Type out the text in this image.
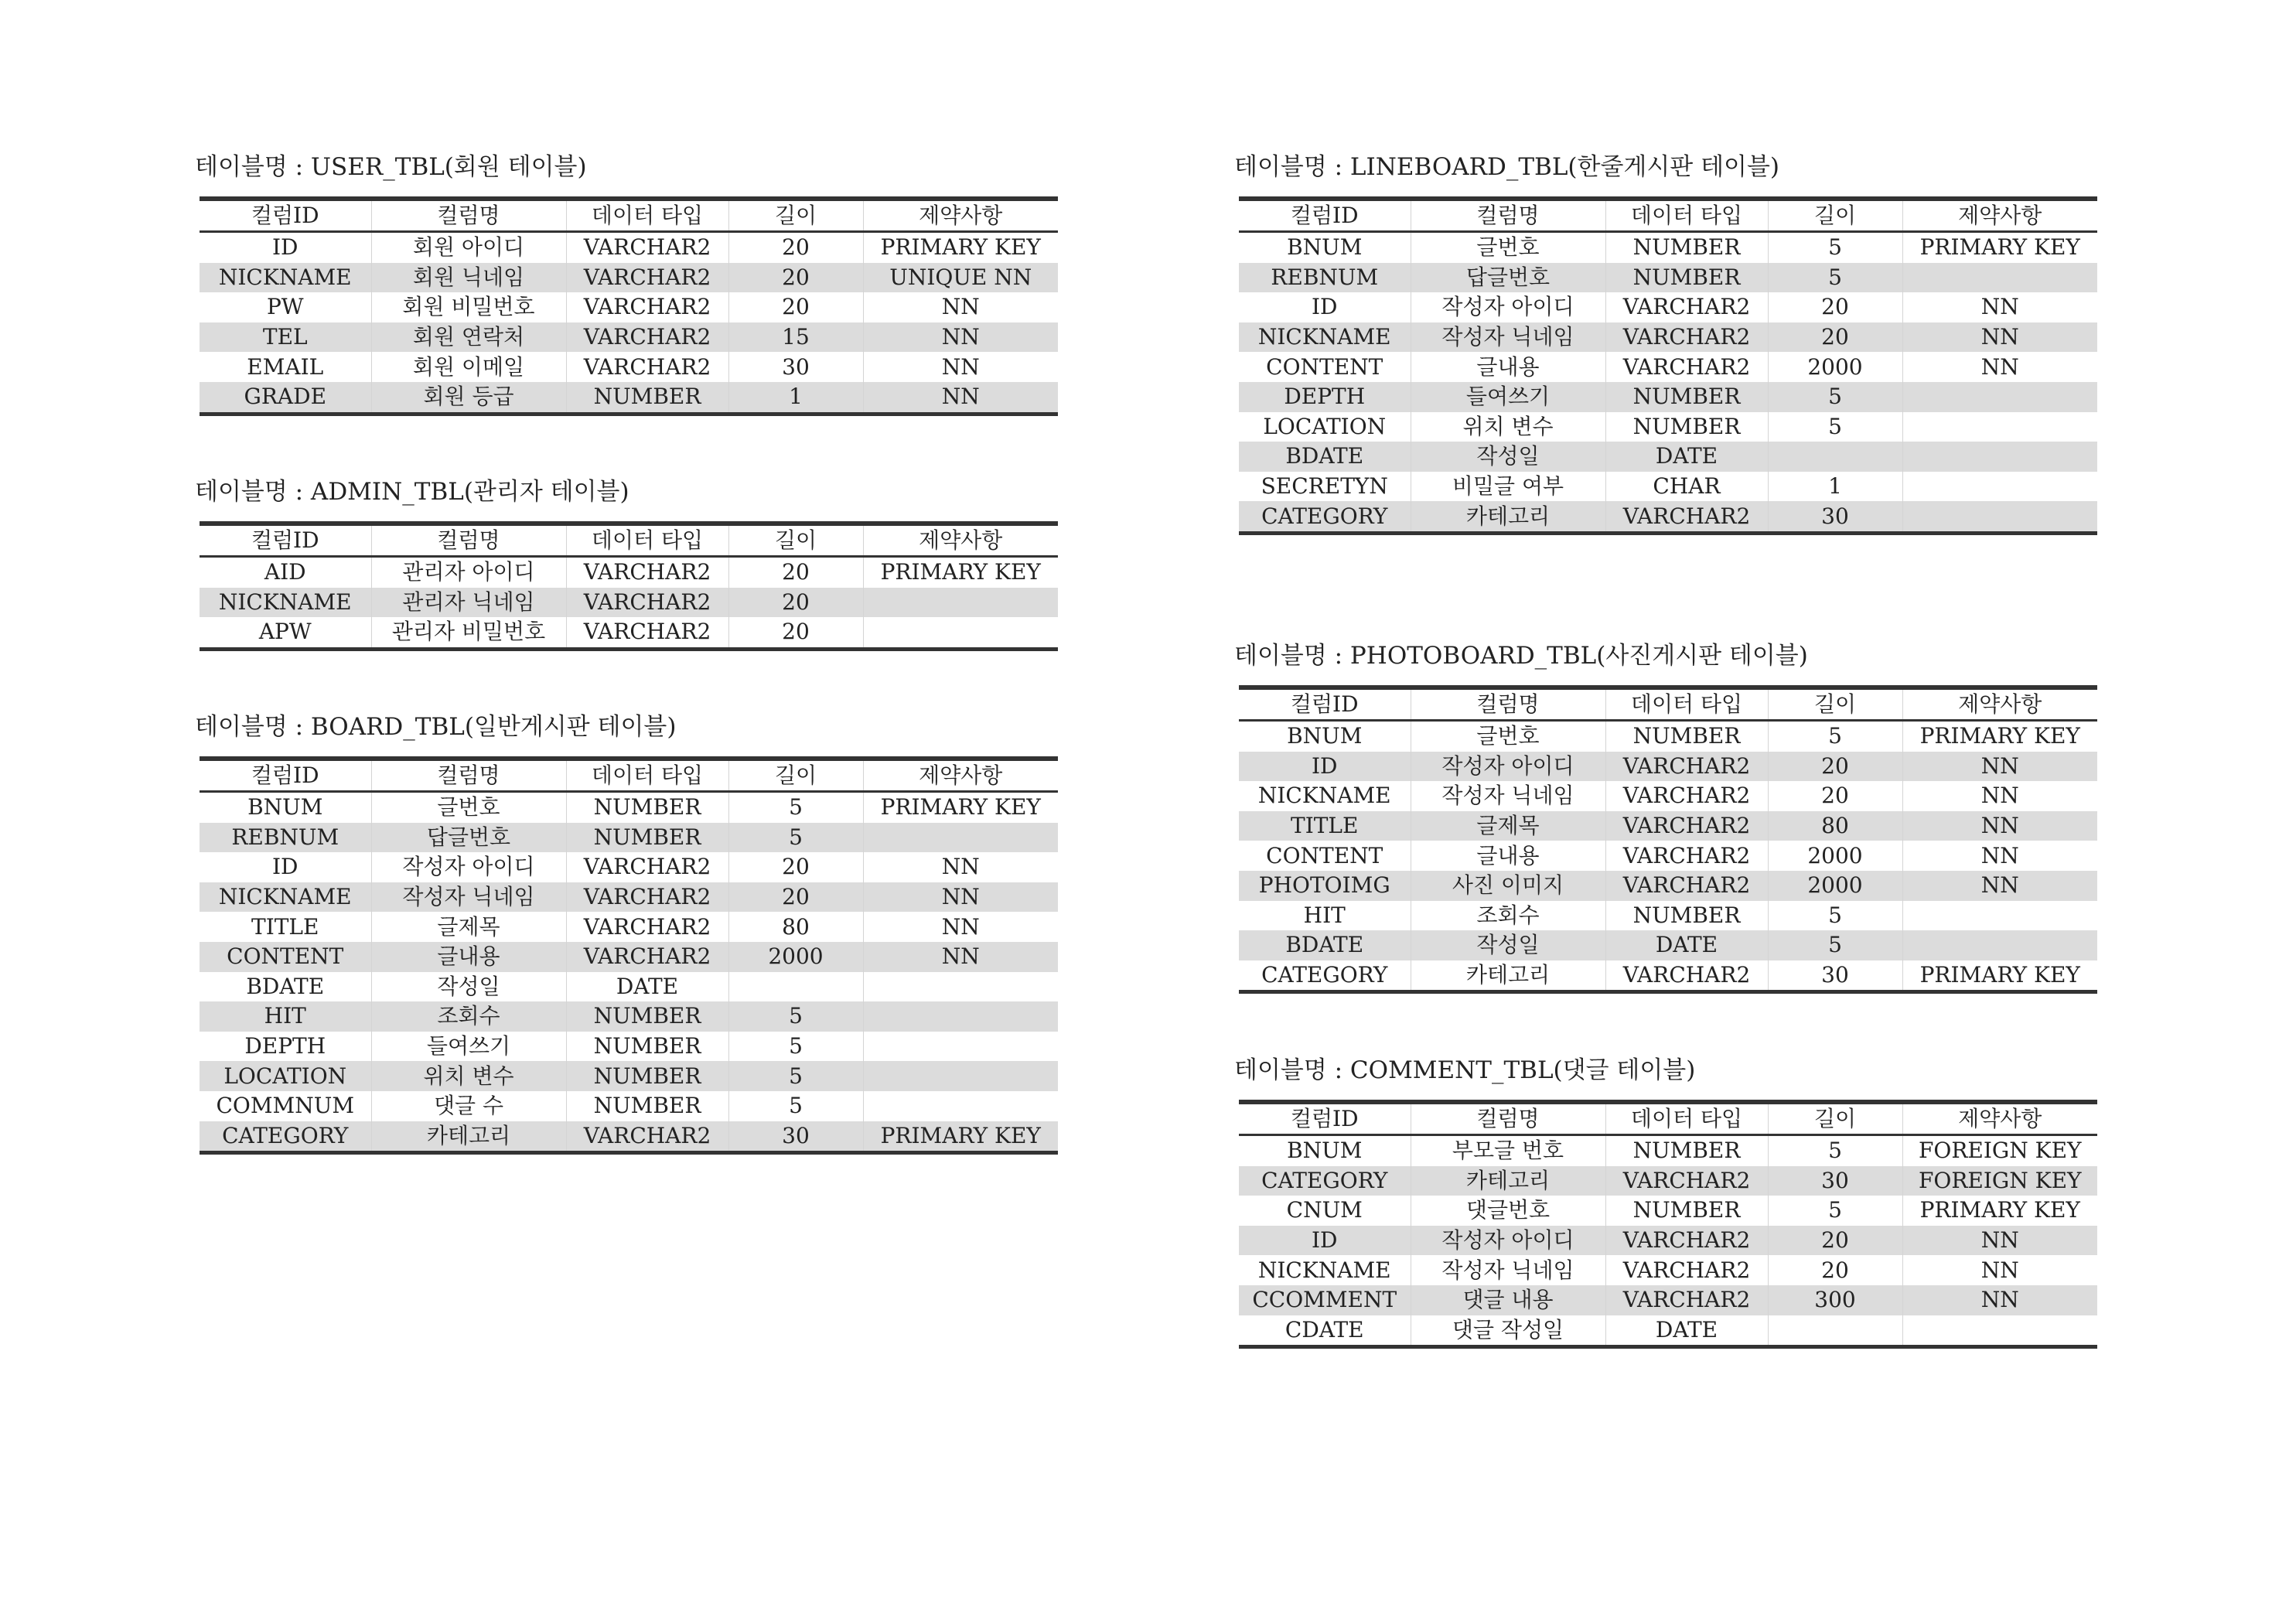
테이블명 : USER_TBL(회원 테이블)
컬럼ID	컬럼명	데이터 타입	길이	제약사항
ID	회원 아이디	VARCHAR2	20	PRIMARY KEY
NICKNAME	회원 닉네임	VARCHAR2	20	UNIQUE NN
PW	회원 비밀번호	VARCHAR2	20	NN
TEL	회원 연락처	VARCHAR2	15	NN
EMAIL	회원 이메일	VARCHAR2	30	NN
GRADE	회원 등급	NUMBER	1	NN
테이블명 : ADMIN_TBL(관리자 테이블)
컬럼ID	컬럼명	데이터 타입	길이	제약사항
AID	관리자 아이디	VARCHAR2	20	PRIMARY KEY
NICKNAME	관리자 닉네임	VARCHAR2	20	
APW	관리자 비밀번호	VARCHAR2	20	
테이블명 : BOARD_TBL(일반게시판 테이블)
컬럼ID	컬럼명	데이터 타입	길이	제약사항
BNUM	글번호	NUMBER	5	PRIMARY KEY
REBNUM	답글번호	NUMBER	5	
ID	작성자 아이디	VARCHAR2	20	NN
NICKNAME	작성자 닉네임	VARCHAR2	20	NN
TITLE	글제목	VARCHAR2	80	NN
CONTENT	글내용	VARCHAR2	2000	NN
BDATE	작성일	DATE		
HIT	조회수	NUMBER	5	
DEPTH	들여쓰기	NUMBER	5	
LOCATION	위치 변수	NUMBER	5	
COMMNUM	댓글 수	NUMBER	5	
CATEGORY	카테고리	VARCHAR2	30	PRIMARY KEY
테이블명 : LINEBOARD_TBL(한줄게시판 테이블)
컬럼ID	컬럼명	데이터 타입	길이	제약사항
BNUM	글번호	NUMBER	5	PRIMARY KEY
REBNUM	답글번호	NUMBER	5	
ID	작성자 아이디	VARCHAR2	20	NN
NICKNAME	작성자 닉네임	VARCHAR2	20	NN
CONTENT	글내용	VARCHAR2	2000	NN
DEPTH	들여쓰기	NUMBER	5	
LOCATION	위치 변수	NUMBER	5	
BDATE	작성일	DATE		
SECRETYN	비밀글 여부	CHAR	1	
CATEGORY	카테고리	VARCHAR2	30	
테이블명 : PHOTOBOARD_TBL(사진게시판 테이블)
컬럼ID	컬럼명	데이터 타입	길이	제약사항
BNUM	글번호	NUMBER	5	PRIMARY KEY
ID	작성자 아이디	VARCHAR2	20	NN
NICKNAME	작성자 닉네임	VARCHAR2	20	NN
TITLE	글제목	VARCHAR2	80	NN
CONTENT	글내용	VARCHAR2	2000	NN
PHOTOIMG	사진 이미지	VARCHAR2	2000	NN
HIT	조회수	NUMBER	5	
BDATE	작성일	DATE	5	
CATEGORY	카테고리	VARCHAR2	30	PRIMARY KEY
테이블명 : COMMENT_TBL(댓글 테이블)
컬럼ID	컬럼명	데이터 타입	길이	제약사항
BNUM	부모글 번호	NUMBER	5	FOREIGN KEY
CATEGORY	카테고리	VARCHAR2	30	FOREIGN KEY
CNUM	댓글번호	NUMBER	5	PRIMARY KEY
ID	작성자 아이디	VARCHAR2	20	NN
NICKNAME	작성자 닉네임	VARCHAR2	20	NN
CCOMMENT	댓글 내용	VARCHAR2	300	NN
CDATE	댓글 작성일	DATE		
